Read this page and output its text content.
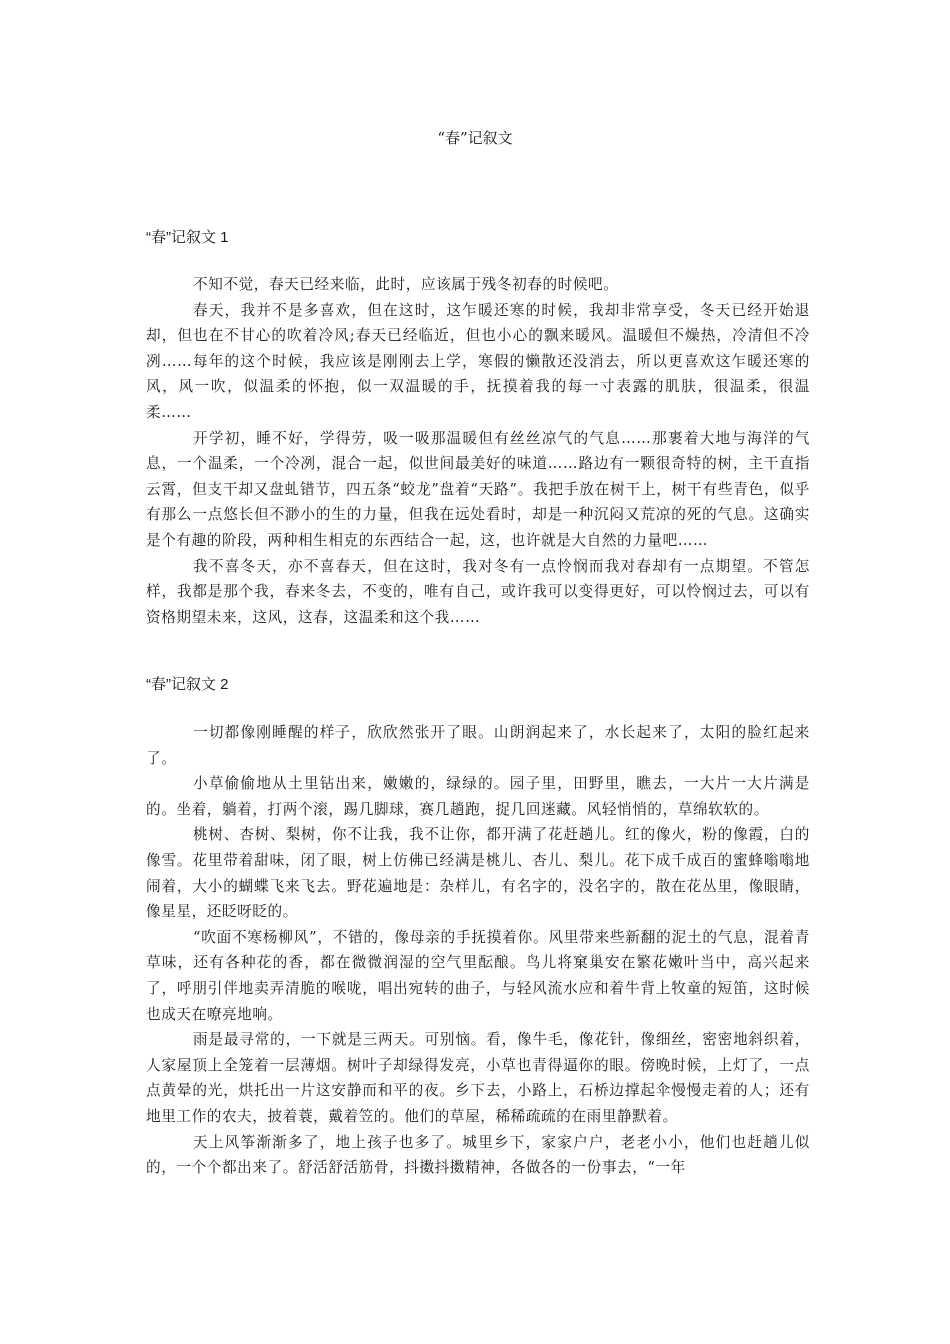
“春”记叙文
“春”记叙文 1

不知不觉，春天已经来临，此时，应该属于残冬初春的时候吧。

春天，我并不是多喜欢，但在这时，这乍暖还寒的时候，我却非常享受，冬天已经开始退却，但也在不甘心的吹着冷风;春天已经临近，但也小心的飘来暖风。温暖但不燥热，冷清但不冷冽……每年的这个时候，我应该是刚刚去上学，寒假的懒散还没消去，所以更喜欢这乍暖还寒的风，风一吹，似温柔的怀抱，似一双温暖的手，抚摸着我的每一寸表露的肌肤，很温柔，很温柔……

开学初，睡不好，学得劳，吸一吸那温暖但有丝丝凉气的气息……那裹着大地与海洋的气息，一个温柔，一个冷冽，混合一起，似世间最美好的味道……路边有一颗很奇特的树，主干直指云霄，但支干却又盘虬错节，四五条“蛟龙”盘着“天路”。我把手放在树干上，树干有些青色，似乎有那么一点悠长但不渺小的生的力量，但我在远处看时，却是一种沉闷又荒凉的死的气息。这确实是个有趣的阶段，两种相生相克的东西结合一起，这，也许就是大自然的力量吧……

我不喜冬天，亦不喜春天，但在这时，我对冬有一点怜悯而我对春却有一点期望。不管怎样，我都是那个我，春来冬去，不变的，唯有自己，或许我可以变得更好，可以怜悯过去，可以有资格期望未来，这风，这春，这温柔和这个我……

“春”记叙文 2

一切都像刚睡醒的样子，欣欣然张开了眼。山朗润起来了，水长起来了，太阳的脸红起来了。

小草偷偷地从土里钻出来，嫩嫩的，绿绿的。园子里，田野里，瞧去，一大片一大片满是的。坐着，躺着，打两个滚，踢几脚球，赛几趟跑，捉几回迷藏。风轻悄悄的，草绵软软的。

桃树、杏树、梨树，你不让我，我不让你，都开满了花赶趟儿。红的像火，粉的像霞，白的像雪。花里带着甜味，闭了眼，树上仿佛已经满是桃儿、杏儿、梨儿。花下成千成百的蜜蜂嗡嗡地闹着，大小的蝴蝶飞来飞去。野花遍地是：杂样儿，有名字的，没名字的，散在花丛里，像眼睛，像星星，还眨呀眨的。

“吹面不寒杨柳风”，不错的，像母亲的手抚摸着你。风里带来些新翻的泥土的气息，混着青草味，还有各种花的香，都在微微润湿的空气里酝酿。鸟儿将窠巢安在繁花嫩叶当中，高兴起来了，呼朋引伴地卖弄清脆的喉咙，唱出宛转的曲子，与轻风流水应和着牛背上牧童的短笛，这时候也成天在嘹亮地响。

雨是最寻常的，一下就是三两天。可别恼。看，像牛毛，像花针，像细丝，密密地斜织着，人家屋顶上全笼着一层薄烟。树叶子却绿得发亮，小草也青得逼你的眼。傍晚时候，上灯了，一点点黄晕的光，烘托出一片这安静而和平的夜。乡下去，小路上，石桥边撑起伞慢慢走着的人；还有地里工作的农夫，披着蓑，戴着笠的。他们的草屋，稀稀疏疏的在雨里静默着。

天上风筝渐渐多了，地上孩子也多了。城里乡下，家家户户，老老小小，他们也赶趟儿似的，一个个都出来了。舒活舒活筋骨，抖擞抖擞精神，各做各的一份事去，“一年
